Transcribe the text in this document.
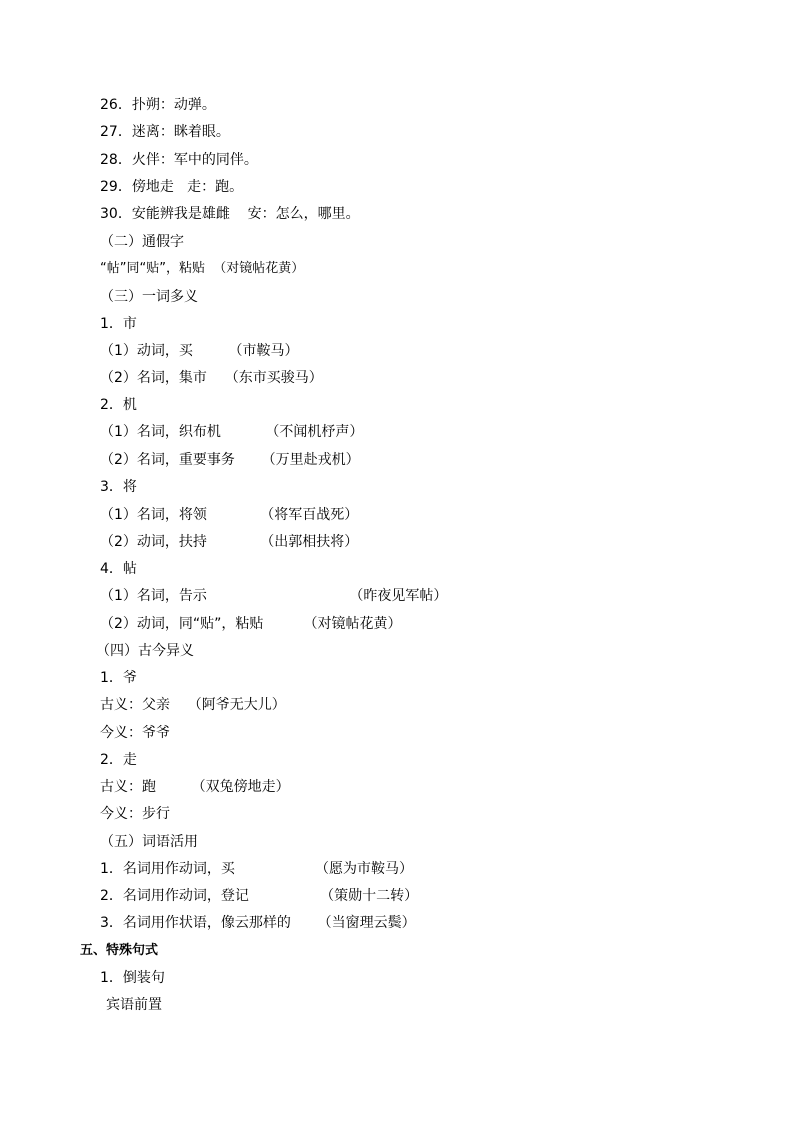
26．扑朔：动弹。
27．迷离：眯着眼。
28．火伴：军中的同伴。
29．傍地走   走：跑。
30．安能辨我是雄雌    安：怎么，哪里。
（二）通假字
“帖”同“贴”，粘贴  （对镜帖花黄）
（三）一词多义
1．市
（1）动词，买        （市鞍马）
（2）名词，集市    （东市买骏马）
2．机
（1）名词，织布机          （不闻机杼声）
（2）名词，重要事务      （万里赴戎机）
3．将
（1）名词，将领            （将军百战死）
（2）动词，扶持            （出郭相扶将）
4．帖
（1）名词，告示                                （昨夜见军帖）
（2）动词，同“贴”，粘贴         （对镜帖花黄）
（四）古今异义
1．爷
古义：父亲    （阿爷无大儿）
今义：爷爷
2．走
古义：跑        （双兔傍地走）
今义：步行
（五）词语活用
1．名词用作动词，买                  （愿为市鞍马）
2．名词用作动词，登记                （策勋十二转）
3．名词用作状语，像云那样的      （当窗理云鬓）
五、特殊句式
1．倒装句
宾语前置
